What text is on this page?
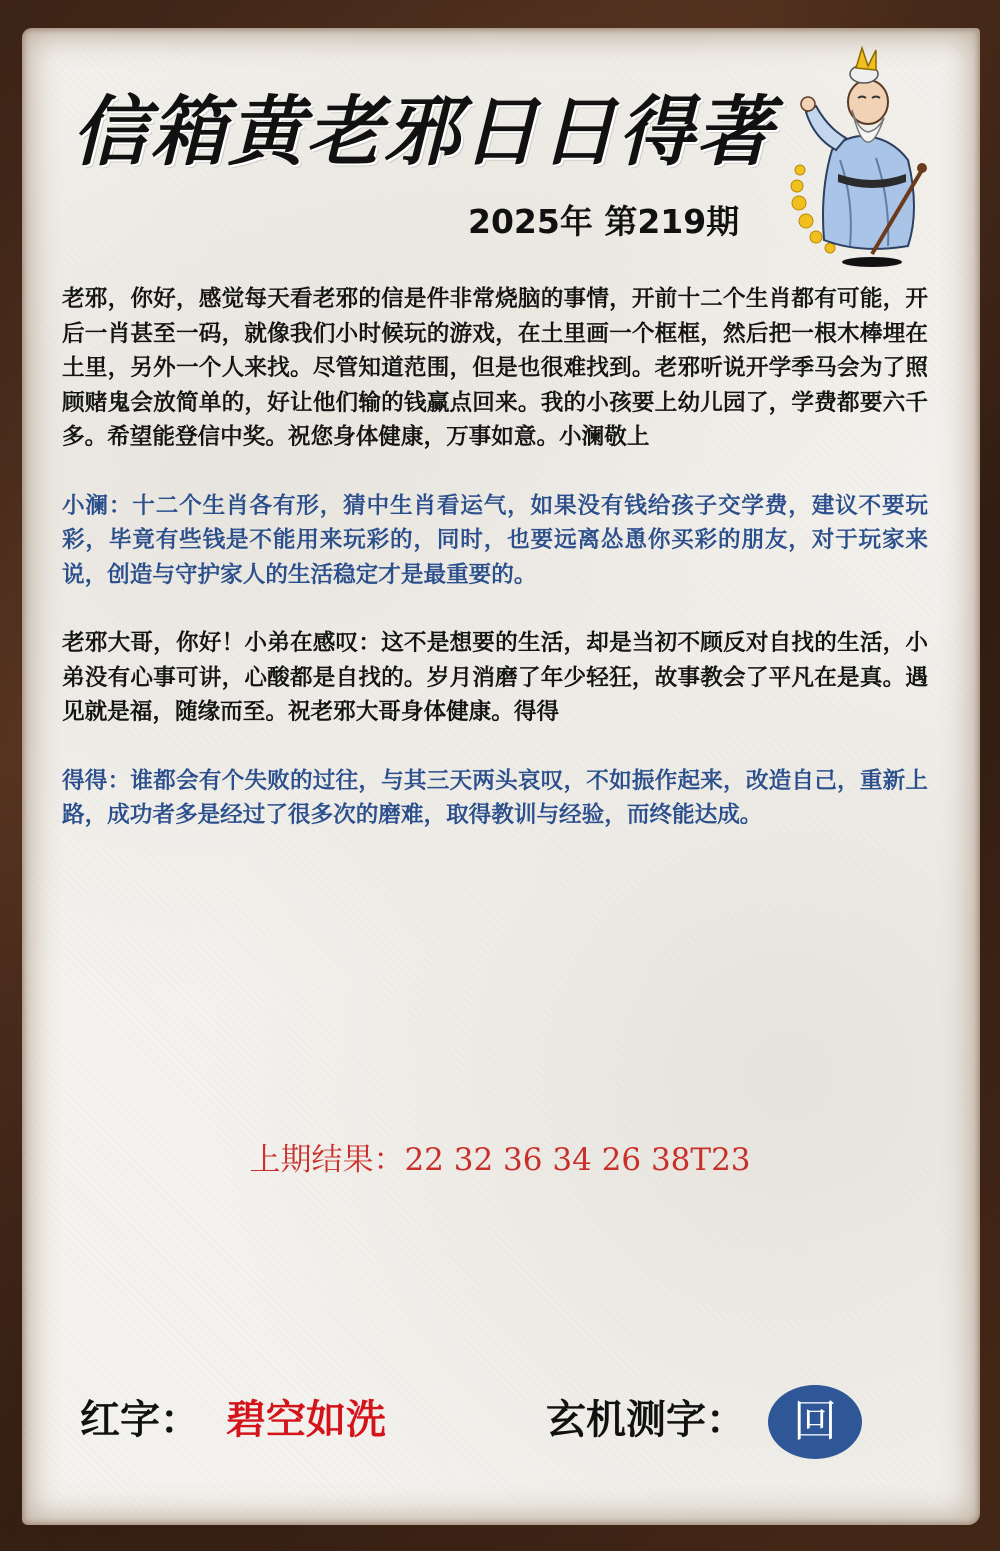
信箱黄老邪日日得著
2025年 第219期

老邪，你好，感觉每天看老邪的信是件非常烧脑的事情，开前十二个生肖都有可能，开后一肖甚至一码，就像我们小时候玩的游戏，在土里画一个框框，然后把一根木棒埋在土里，另外一个人来找。尽管知道范围，但是也很难找到。老邪听说开学季马会为了照顾赌鬼会放简单的，好让他们输的钱赢点回来。我的小孩要上幼儿园了，学费都要六千多。希望能登信中奖。祝您身体健康，万事如意。小澜敬上

小澜：十二个生肖各有形，猜中生肖看运气，如果没有钱给孩子交学费，建议不要玩彩，毕竟有些钱是不能用来玩彩的，同时，也要远离怂恿你买彩的朋友，对于玩家来说，创造与守护家人的生活稳定才是最重要的。

老邪大哥，你好！小弟在感叹：这不是想要的生活，却是当初不顾反对自找的生活，小弟没有心事可讲，心酸都是自找的。岁月消磨了年少轻狂，故事教会了平凡在是真。遇见就是福，随缘而至。祝老邪大哥身体健康。得得

得得：谁都会有个失败的过往，与其三天两头哀叹，不如振作起来，改造自己，重新上路，成功者多是经过了很多次的磨难，取得教训与经验，而终能达成。

上期结果：22 32 36 34 26 38T23
红字： 碧空如洗	玄机测字：	回
